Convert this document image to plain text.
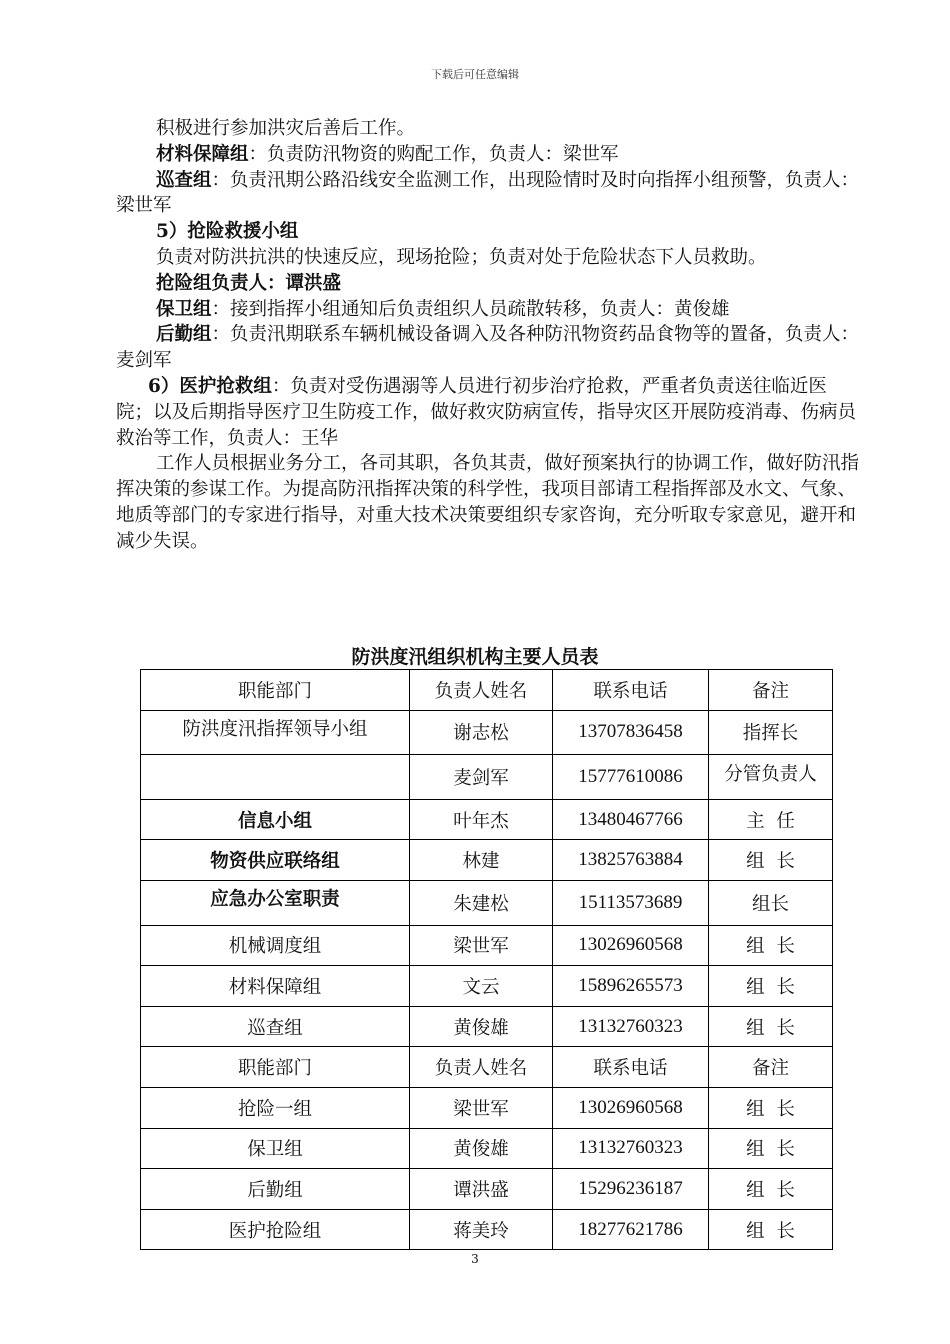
下载后可任意编辑

积极进行参加洪灾后善后工作。

材料保障组：负责防汛物资的购配工作，负责人：梁世军

巡查组：负责汛期公路沿线安全监测工作，出现险情时及时向指挥小组预警，负责人：梁世军

5）抢险救援小组

负责对防洪抗洪的快速反应，现场抢险；负责对处于危险状态下人员救助。

抢险组负责人：谭洪盛

保卫组：接到指挥小组通知后负责组织人员疏散转移，负责人：黄俊雄

后勤组：负责汛期联系车辆机械设备调入及各种防汛物资药品食物等的置备，负责人：麦剑军

6）医护抢救组：负责对受伤遇溺等人员进行初步治疗抢救，严重者负责送往临近医院；以及后期指导医疗卫生防疫工作，做好救灾防病宣传，指导灾区开展防疫消毒、伤病员救治等工作，负责人：王华

工作人员根据业务分工，各司其职，各负其责，做好预案执行的协调工作，做好防汛指挥决策的参谋工作。为提高防汛指挥决策的科学性，我项目部请工程指挥部及水文、气象、地质等部门的专家进行指导，对重大技术决策要组织专家咨询，充分听取专家意见，避开和减少失误。

防洪度汛组织机构主要人员表
职能部门	负责人姓名	联系电话	备注
防洪度汛指挥领导小组	谢志松	13707836458	指挥长
	麦剑军	15777610086	分管负责人

信息小组	叶年杰	13480467766	主  任
物资供应联络组	林建	13825763884	组  长
应急办公室职责	朱建松	15113573689	组长
机械调度组	梁世军	13026960568	组  长
材料保障组	文云	15896265573	组  长
巡查组	黄俊雄	13132760323	组  长
职能部门	负责人姓名	联系电话	备注
抢险一组	梁世军	13026960568	组  长
保卫组	黄俊雄	13132760323	组  长
后勤组	谭洪盛	15296236187	组  长
医护抢险组	蒋美玲	18277621786	组  长
3
